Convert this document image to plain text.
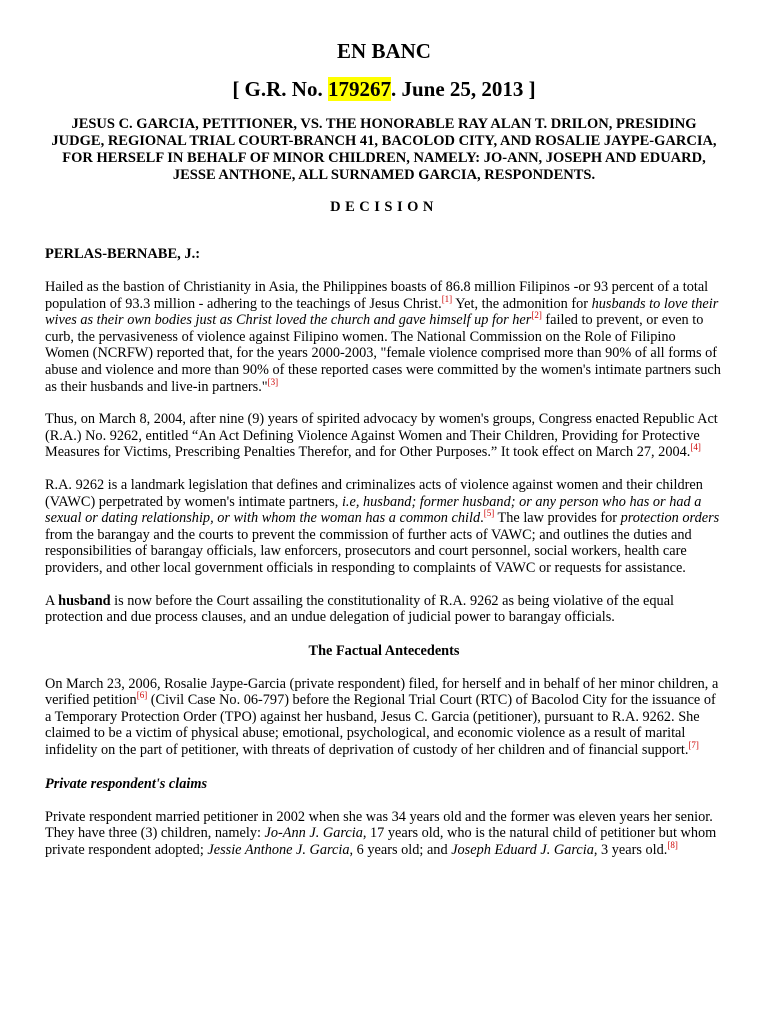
EN BANC
[ G.R. No. 179267. June 25, 2013 ]
JESUS C. GARCIA, PETITIONER, VS. THE HONORABLE RAY ALAN T. DRILON, PRESIDING JUDGE, REGIONAL TRIAL COURT-BRANCH 41, BACOLOD CITY, AND ROSALIE JAYPE-GARCIA, FOR HERSELF IN BEHALF OF MINOR CHILDREN, NAMELY: JO-ANN, JOSEPH AND EDUARD, JESSE ANTHONE, ALL SURNAMED GARCIA, RESPONDENTS.
DECISION
PERLAS-BERNABE, J.:

Hailed as the bastion of Christianity in Asia, the Philippines boasts of 86.8 million Filipinos -or 93 percent of a total population of 93.3 million - adhering to the teachings of Jesus Christ.[1] Yet, the admonition for husbands to love their wives as their own bodies just as Christ loved the church and gave himself up for her[2] failed to prevent, or even to curb, the pervasiveness of violence against Filipino women. The National Commission on the Role of Filipino Women (NCRFW) reported that, for the years 2000-2003, "female violence comprised more than 90% of all forms of abuse and violence and more than 90% of these reported cases were committed by the women's intimate partners such as their husbands and live-in partners."[3]

Thus, on March 8, 2004, after nine (9) years of spirited advocacy by women's groups, Congress enacted Republic Act (R.A.) No. 9262, entitled “An Act Defining Violence Against Women and Their Children, Providing for Protective Measures for Victims, Prescribing Penalties Therefor, and for Other Purposes.” It took effect on March 27, 2004.[4]

R.A. 9262 is a landmark legislation that defines and criminalizes acts of violence against women and their children (VAWC) perpetrated by women's intimate partners, i.e, husband; former husband; or any person who has or had a sexual or dating relationship, or with whom the woman has a common child.[5] The law provides for protection orders from the barangay and the courts to prevent the commission of further acts of VAWC; and outlines the duties and responsibilities of barangay officials, law enforcers, prosecutors and court personnel, social workers, health care providers, and other local government officials in responding to complaints of VAWC or requests for assistance.

A husband is now before the Court assailing the constitutionality of R.A. 9262 as being violative of the equal protection and due process clauses, and an undue delegation of judicial power to barangay officials.

The Factual Antecedents

On March 23, 2006, Rosalie Jaype-Garcia (private respondent) filed, for herself and in behalf of her minor children, a verified petition[6] (Civil Case No. 06-797) before the Regional Trial Court (RTC) of Bacolod City for the issuance of a Temporary Protection Order (TPO) against her husband, Jesus C. Garcia (petitioner), pursuant to R.A. 9262. She claimed to be a victim of physical abuse; emotional, psychological, and economic violence as a result of marital infidelity on the part of petitioner, with threats of deprivation of custody of her children and of financial support.[7]

Private respondent's claims

Private respondent married petitioner in 2002 when she was 34 years old and the former was eleven years her senior. They have three (3) children, namely: Jo-Ann J. Garcia, 17 years old, who is the natural child of petitioner but whom private respondent adopted; Jessie Anthone J. Garcia, 6 years old; and Joseph Eduard J. Garcia, 3 years old.[8]
